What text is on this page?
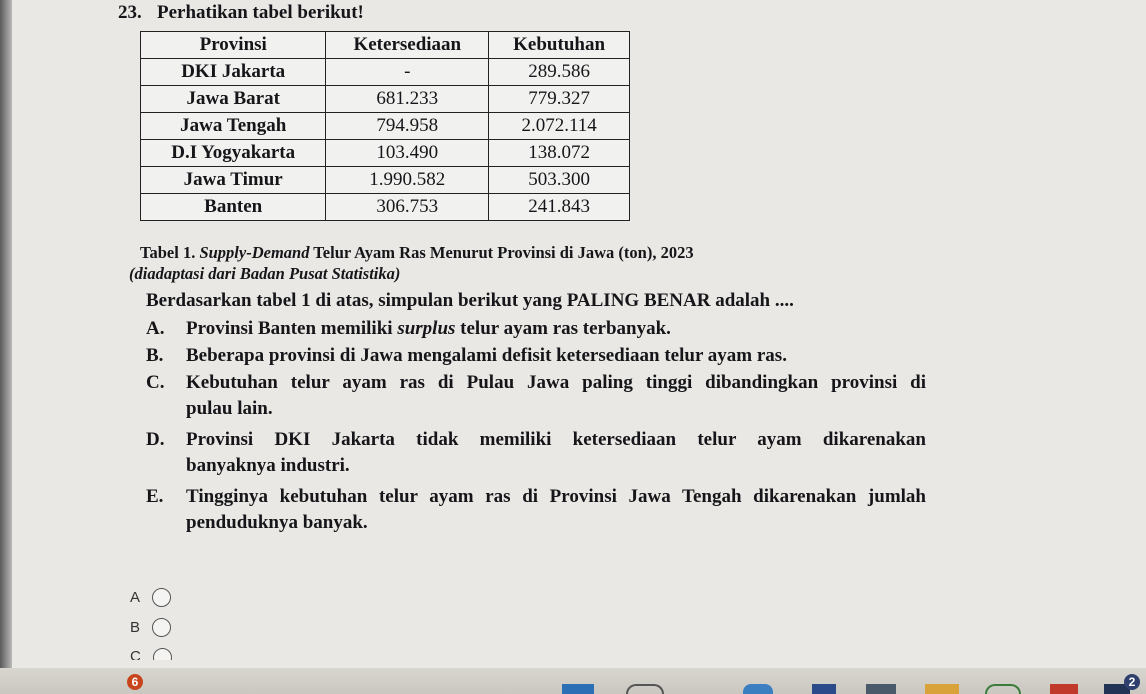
23. Perhatikan tabel berikut!
Provinsi	Ketersediaan	Kebutuhan
DKI Jakarta	-	289.586
Jawa Barat	681.233	779.327
Jawa Tengah	794.958	2.072.114
D.I Yogyakarta	103.490	138.072
Jawa Timur	1.990.582	503.300
Banten	306.753	241.843
Tabel 1. Supply-Demand Telur Ayam Ras Menurut Provinsi di Jawa (ton), 2023
(diadaptasi dari Badan Pusat Statistika)
Berdasarkan tabel 1 di atas, simpulan berikut yang PALING BENAR adalah ....
A. Provinsi Banten memiliki surplus telur ayam ras terbanyak.
B. Beberapa provinsi di Jawa mengalami defisit ketersediaan telur ayam ras.
C.	Kebutuhan telur ayam ras di Pulau Jawa paling tinggi dibandingkan provinsi di
pulau lain.
D.	Provinsi DKI Jakarta tidak memiliki ketersediaan telur ayam dikarenakan
banyaknya industri.
E.	Tingginya kebutuhan telur ayam ras di Provinsi Jawa Tengah dikarenakan jumlah
penduduknya banyak.
A
B
C
6	2
